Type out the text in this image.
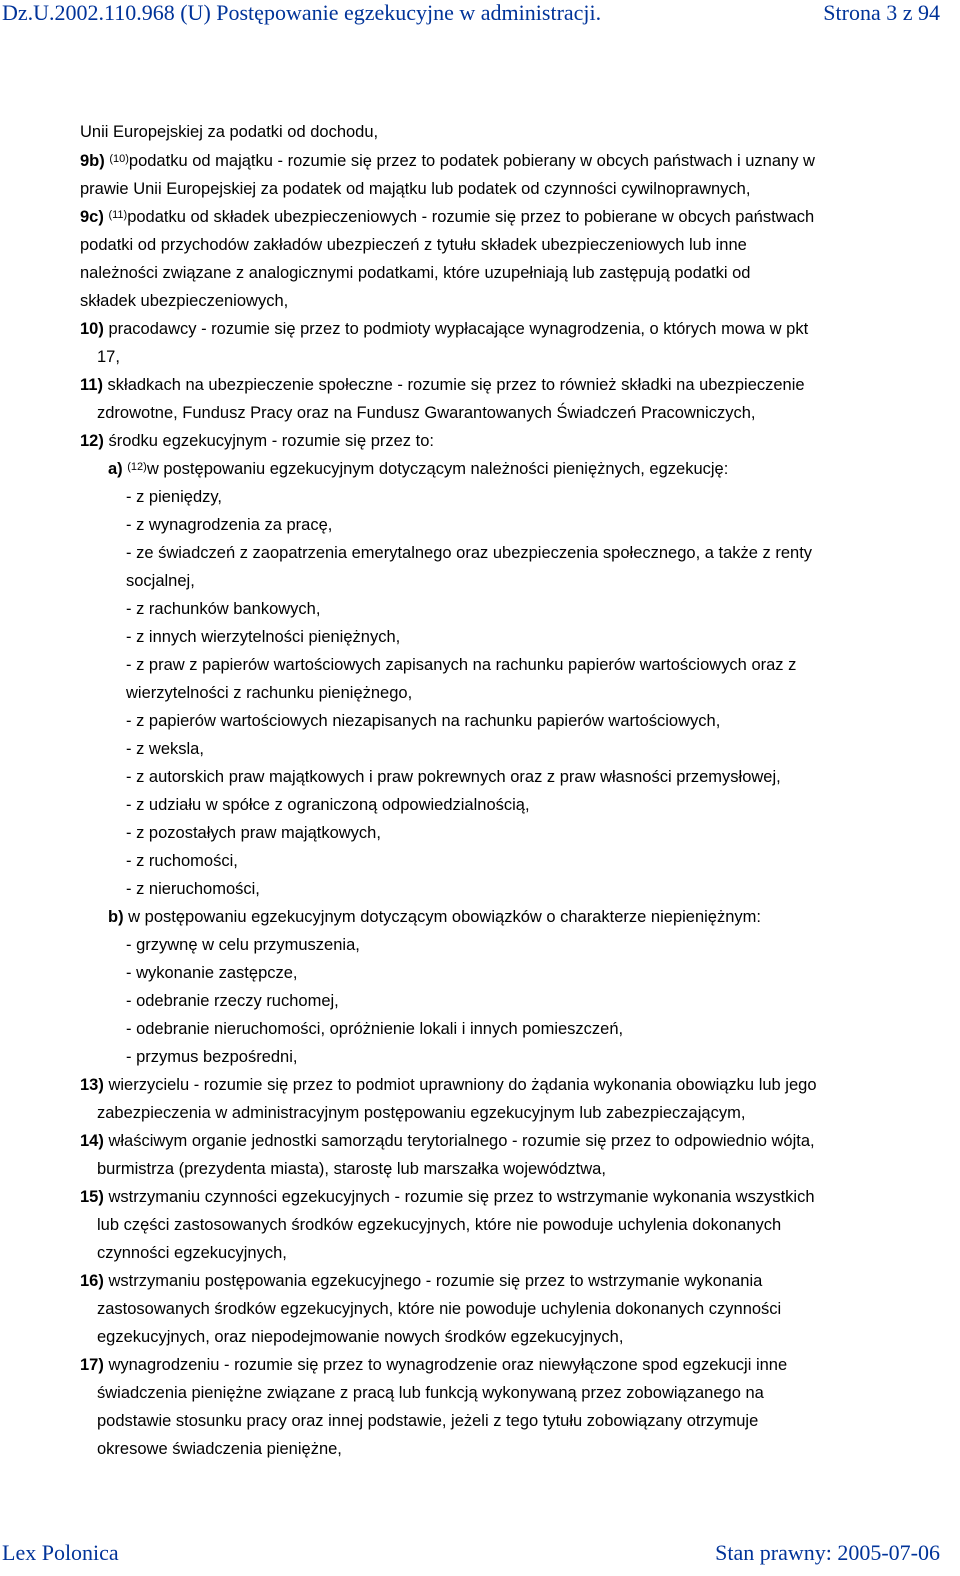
Dz.U.2002.110.968 (U) Postępowanie egzekucyjne w administracji.	Strona 3 z 94
Unii Europejskiej za podatki od dochodu,
9b) $^{(10)}$podatku od majątku - rozumie się przez to podatek pobierany w obcych państwach i uznany w
prawie Unii Europejskiej za podatek od majątku lub podatek od czynności cywilnoprawnych,
9c) $^{(11)}$podatku od składek ubezpieczeniowych - rozumie się przez to pobierane w obcych państwach
podatki od przychodów zakładów ubezpieczeń z tytułu składek ubezpieczeniowych lub inne
należności związane z analogicznymi podatkami, które uzupełniają lub zastępują podatki od
składek ubezpieczeniowych,
10) pracodawcy - rozumie się przez to podmioty wypłacające wynagrodzenia, o których mowa w pkt
17,
11) składkach na ubezpieczenie społeczne - rozumie się przez to również składki na ubezpieczenie
zdrowotne, Fundusz Pracy oraz na Fundusz Gwarantowanych Świadczeń Pracowniczych,
12) środku egzekucyjnym - rozumie się przez to:
a) $^{(12)}$w postępowaniu egzekucyjnym dotyczącym należności pieniężnych, egzekucję:
- z pieniędzy,
- z wynagrodzenia za pracę,
- ze świadczeń z zaopatrzenia emerytalnego oraz ubezpieczenia społecznego, a także z renty
socjalnej,
- z rachunków bankowych,
- z innych wierzytelności pieniężnych,
- z praw z papierów wartościowych zapisanych na rachunku papierów wartościowych oraz z
wierzytelności z rachunku pieniężnego,
- z papierów wartościowych niezapisanych na rachunku papierów wartościowych,
- z weksla,
- z autorskich praw majątkowych i praw pokrewnych oraz z praw własności przemysłowej,
- z udziału w spółce z ograniczoną odpowiedzialnością,
- z pozostałych praw majątkowych,
- z ruchomości,
- z nieruchomości,
b) w postępowaniu egzekucyjnym dotyczącym obowiązków o charakterze niepieniężnym:
- grzywnę w celu przymuszenia,
- wykonanie zastępcze,
- odebranie rzeczy ruchomej,
- odebranie nieruchomości, opróżnienie lokali i innych pomieszczeń,
- przymus bezpośredni,
13) wierzycielu - rozumie się przez to podmiot uprawniony do żądania wykonania obowiązku lub jego
zabezpieczenia w administracyjnym postępowaniu egzekucyjnym lub zabezpieczającym,
14) właściwym organie jednostki samorządu terytorialnego - rozumie się przez to odpowiednio wójta,
burmistrza (prezydenta miasta), starostę lub marszałka województwa,
15) wstrzymaniu czynności egzekucyjnych - rozumie się przez to wstrzymanie wykonania wszystkich
lub części zastosowanych środków egzekucyjnych, które nie powoduje uchylenia dokonanych
czynności egzekucyjnych,
16) wstrzymaniu postępowania egzekucyjnego - rozumie się przez to wstrzymanie wykonania
zastosowanych środków egzekucyjnych, które nie powoduje uchylenia dokonanych czynności
egzekucyjnych, oraz niepodejmowanie nowych środków egzekucyjnych,
17) wynagrodzeniu - rozumie się przez to wynagrodzenie oraz niewyłączone spod egzekucji inne
świadczenia pieniężne związane z pracą lub funkcją wykonywaną przez zobowiązanego na
podstawie stosunku pracy oraz innej podstawie, jeżeli z tego tytułu zobowiązany otrzymuje
okresowe świadczenia pieniężne,
Lex Polonica	Stan prawny: 2005-07-06
